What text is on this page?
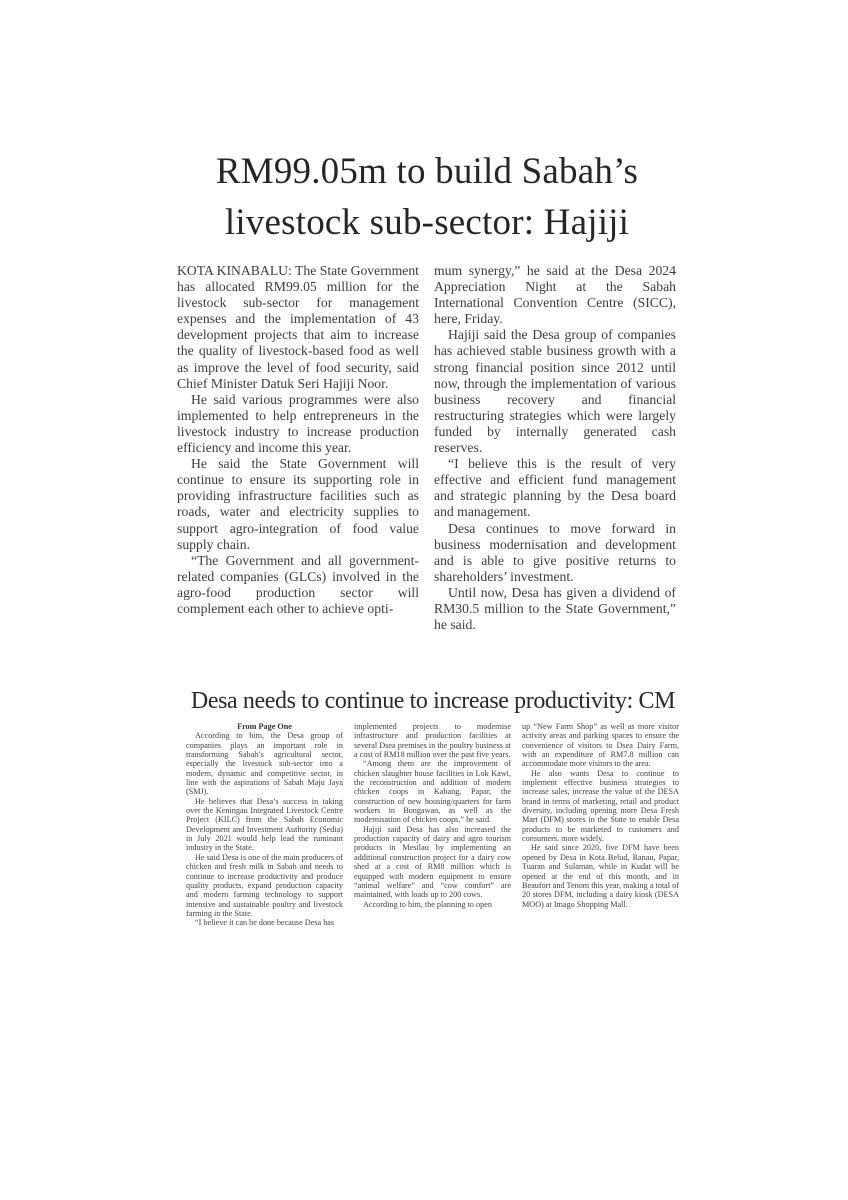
RM99.05m to build Sabah’s
livestock sub-sector: Hajiji

KOTA KINABALU: The State Government has allocated RM99.05 million for the livestock sub-sector for management expenses and the implementation of 43 development projects that aim to increase the quality of livestock-based food as well as improve the level of food security, said Chief Minister Datuk Seri Hajiji Noor.

He said various programmes were also implemented to help entrepreneurs in the livestock industry to increase production efficiency and income this year.

He said the State Government will continue to ensure its supporting role in providing infrastructure facilities such as roads, water and electricity supplies to support agro-integration of food value supply chain.

“The Government and all government-related companies (GLCs) involved in the agro-food production sector will complement each other to achieve opti-

mum synergy,” he said at the Desa 2024 Appreciation Night at the Sabah International Convention Centre (SICC), here, Friday.

Hajiji said the Desa group of companies has achieved stable business growth with a strong financial position since 2012 until now, through the implementation of various business recovery and financial restructuring strategies which were largely funded by internally generated cash reserves.

“I believe this is the result of very effective and efficient fund management and strategic planning by the Desa board and management.

Desa continues to move forward in business modernisation and development and is able to give positive returns to shareholders’ investment.

Until now, Desa has given a dividend of RM30.5 million to the State Government,” he said.

Desa needs to continue to increase productivity: CM

From Page One

According to him, the Desa group of companies plays an important role in transforming Sabah’s agricultural sector, especially the livestock sub-sector into a modern, dynamic and competitive sector, in line with the aspirations of Sabah Maju Jaya (SMJ).

He believes that Desa’s success in taking over the Keningau Integrated Livestock Centre Project (KILC) from the Sabah Economic Development and Investment Authority (Sedia) in July 2021 would help lead the ruminant industry in the State.

He said Desa is one of the main producers of chicken and fresh milk in Sabah and needs to continue to increase productivity and produce quality products, expand production capacity and modern farming technology to support intensive and sustainable poultry and livestock farming in the State.

“I believe it can be done because Desa has

implemented projects to modernise infrastructure and production facilities at several Dsea premises in the poultry business at a cost of RM18 million over the past five years.

“Among them are the improvement of chicken slaughter house facilities in Lok Kawi, the reconstruction and addition of modern chicken coops in Kabang, Papar, the construction of new housing/quarters for farm workers in Bongawan, as well as the modernisation of chicken coops,” he said.

Hajiji said Desa has also increased the production capacity of dairy and agro tourism products in Mesilau by implementing an additional construction project for a dairy cow shed at a cost of RM8 million which is equipped with modern equipment to ensure “animal welfare” and “cow comfort” are maintained, with loads up to 200 cows.

According to him, the planning to open

up “New Farm Shop” as well as more visitor activity areas and parking spaces to ensure the convenience of visitors to Dsea Dairy Farm, with an expenditure of RM7.8 million can accommodate more visitors to the area.

He also wants Desa to continue to implement effective business strategies to increase sales, increase the value of the DESA brand in terms of marketing, retail and product diversity, including opening more Desa Fresh Mart (DFM) stores in the State to enable Desa products to be marketed to customers and consumers. more widely.

He said since 2020, five DFM have been opened by Desa in Kota Belud, Ranau, Papar, Tuaran and Sulaman, while in Kudat will be opened at the end of this month, and in Beaufort and Tenom this year, making a total of 20 stores DFM, including a dairy kiosk (DESA MOO) at Imago Shopping Mall.
